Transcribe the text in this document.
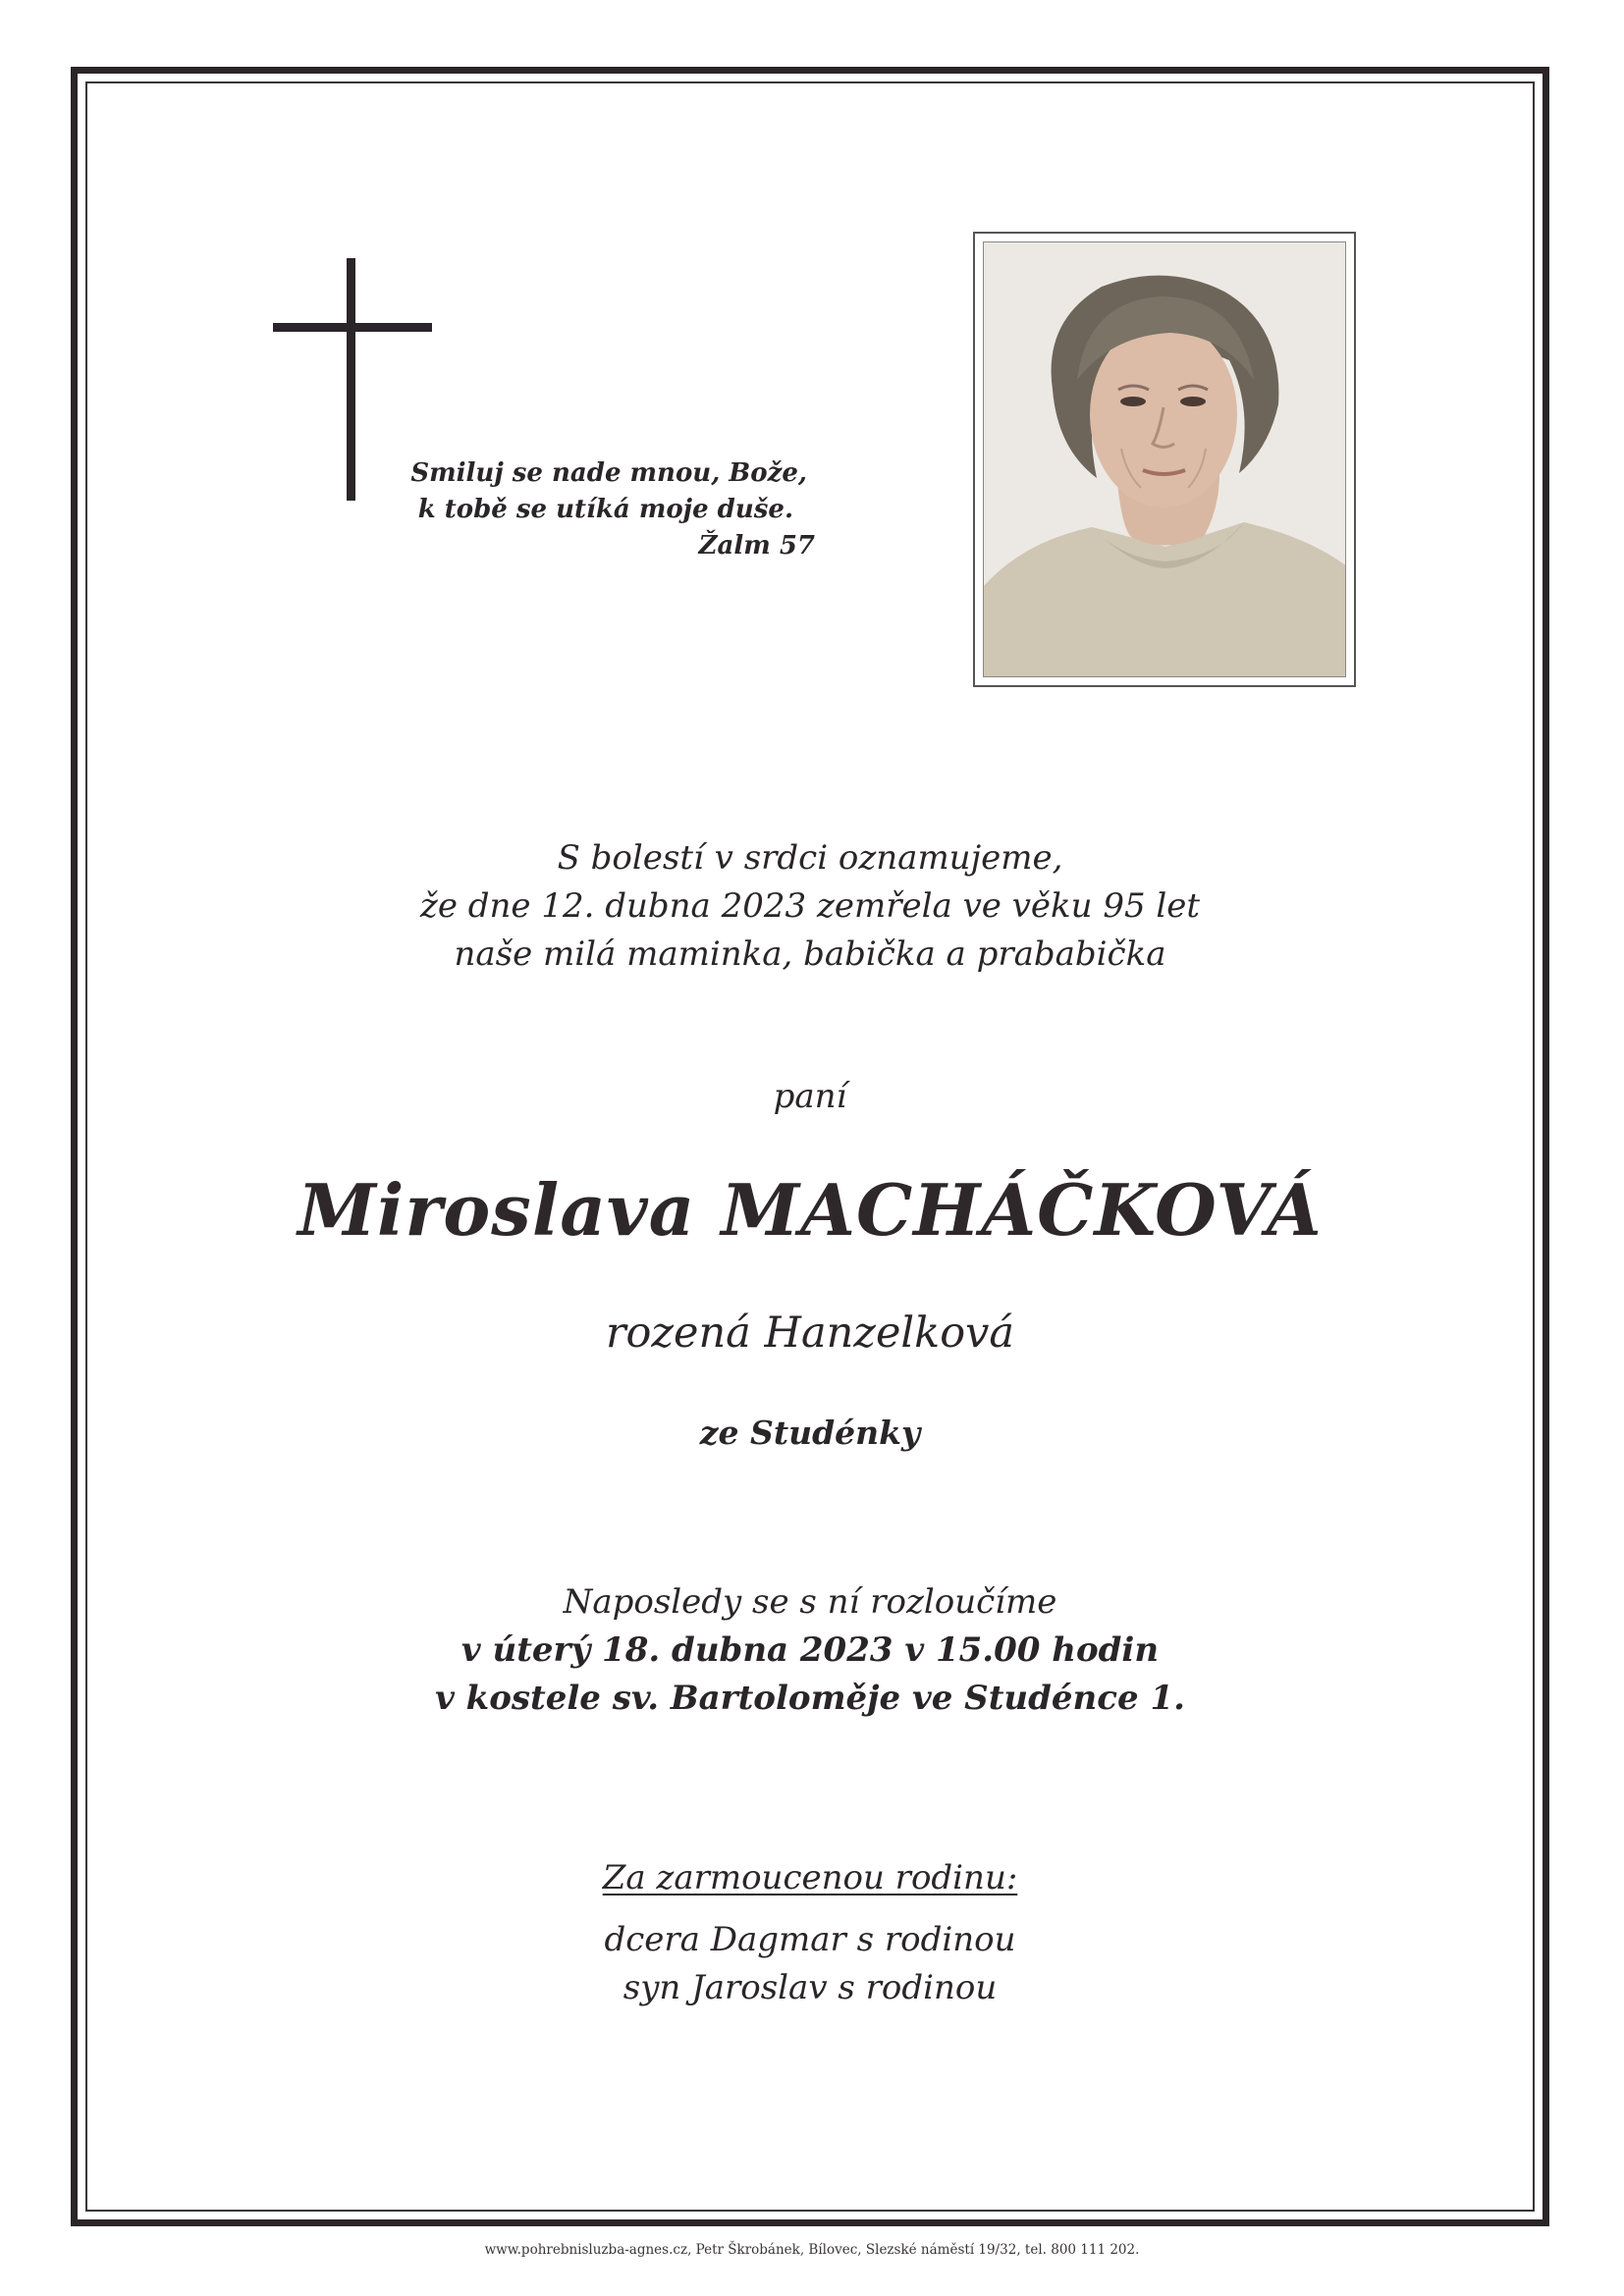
Smiluj se nade mnou, Bože,
k tobě se utíká moje duše.
Žalm 57
S bolestí v srdci oznamujeme,
že dne 12. dubna 2023 zemřela ve věku 95 let
naše milá maminka, babička a prababička
paní
Miroslava MACHÁČKOVÁ
rozená Hanzelková
ze Studénky
Naposledy se s ní rozloučíme
v úterý 18. dubna 2023 v 15.00 hodin
v kostele sv. Bartoloměje ve Studénce 1.
Za zarmoucenou rodinu:
dcera Dagmar s rodinou
syn Jaroslav s rodinou
www.pohrebnisluzba-agnes.cz, Petr Škrobánek, Bílovec, Slezské náměstí 19/32, tel. 800 111 202.
